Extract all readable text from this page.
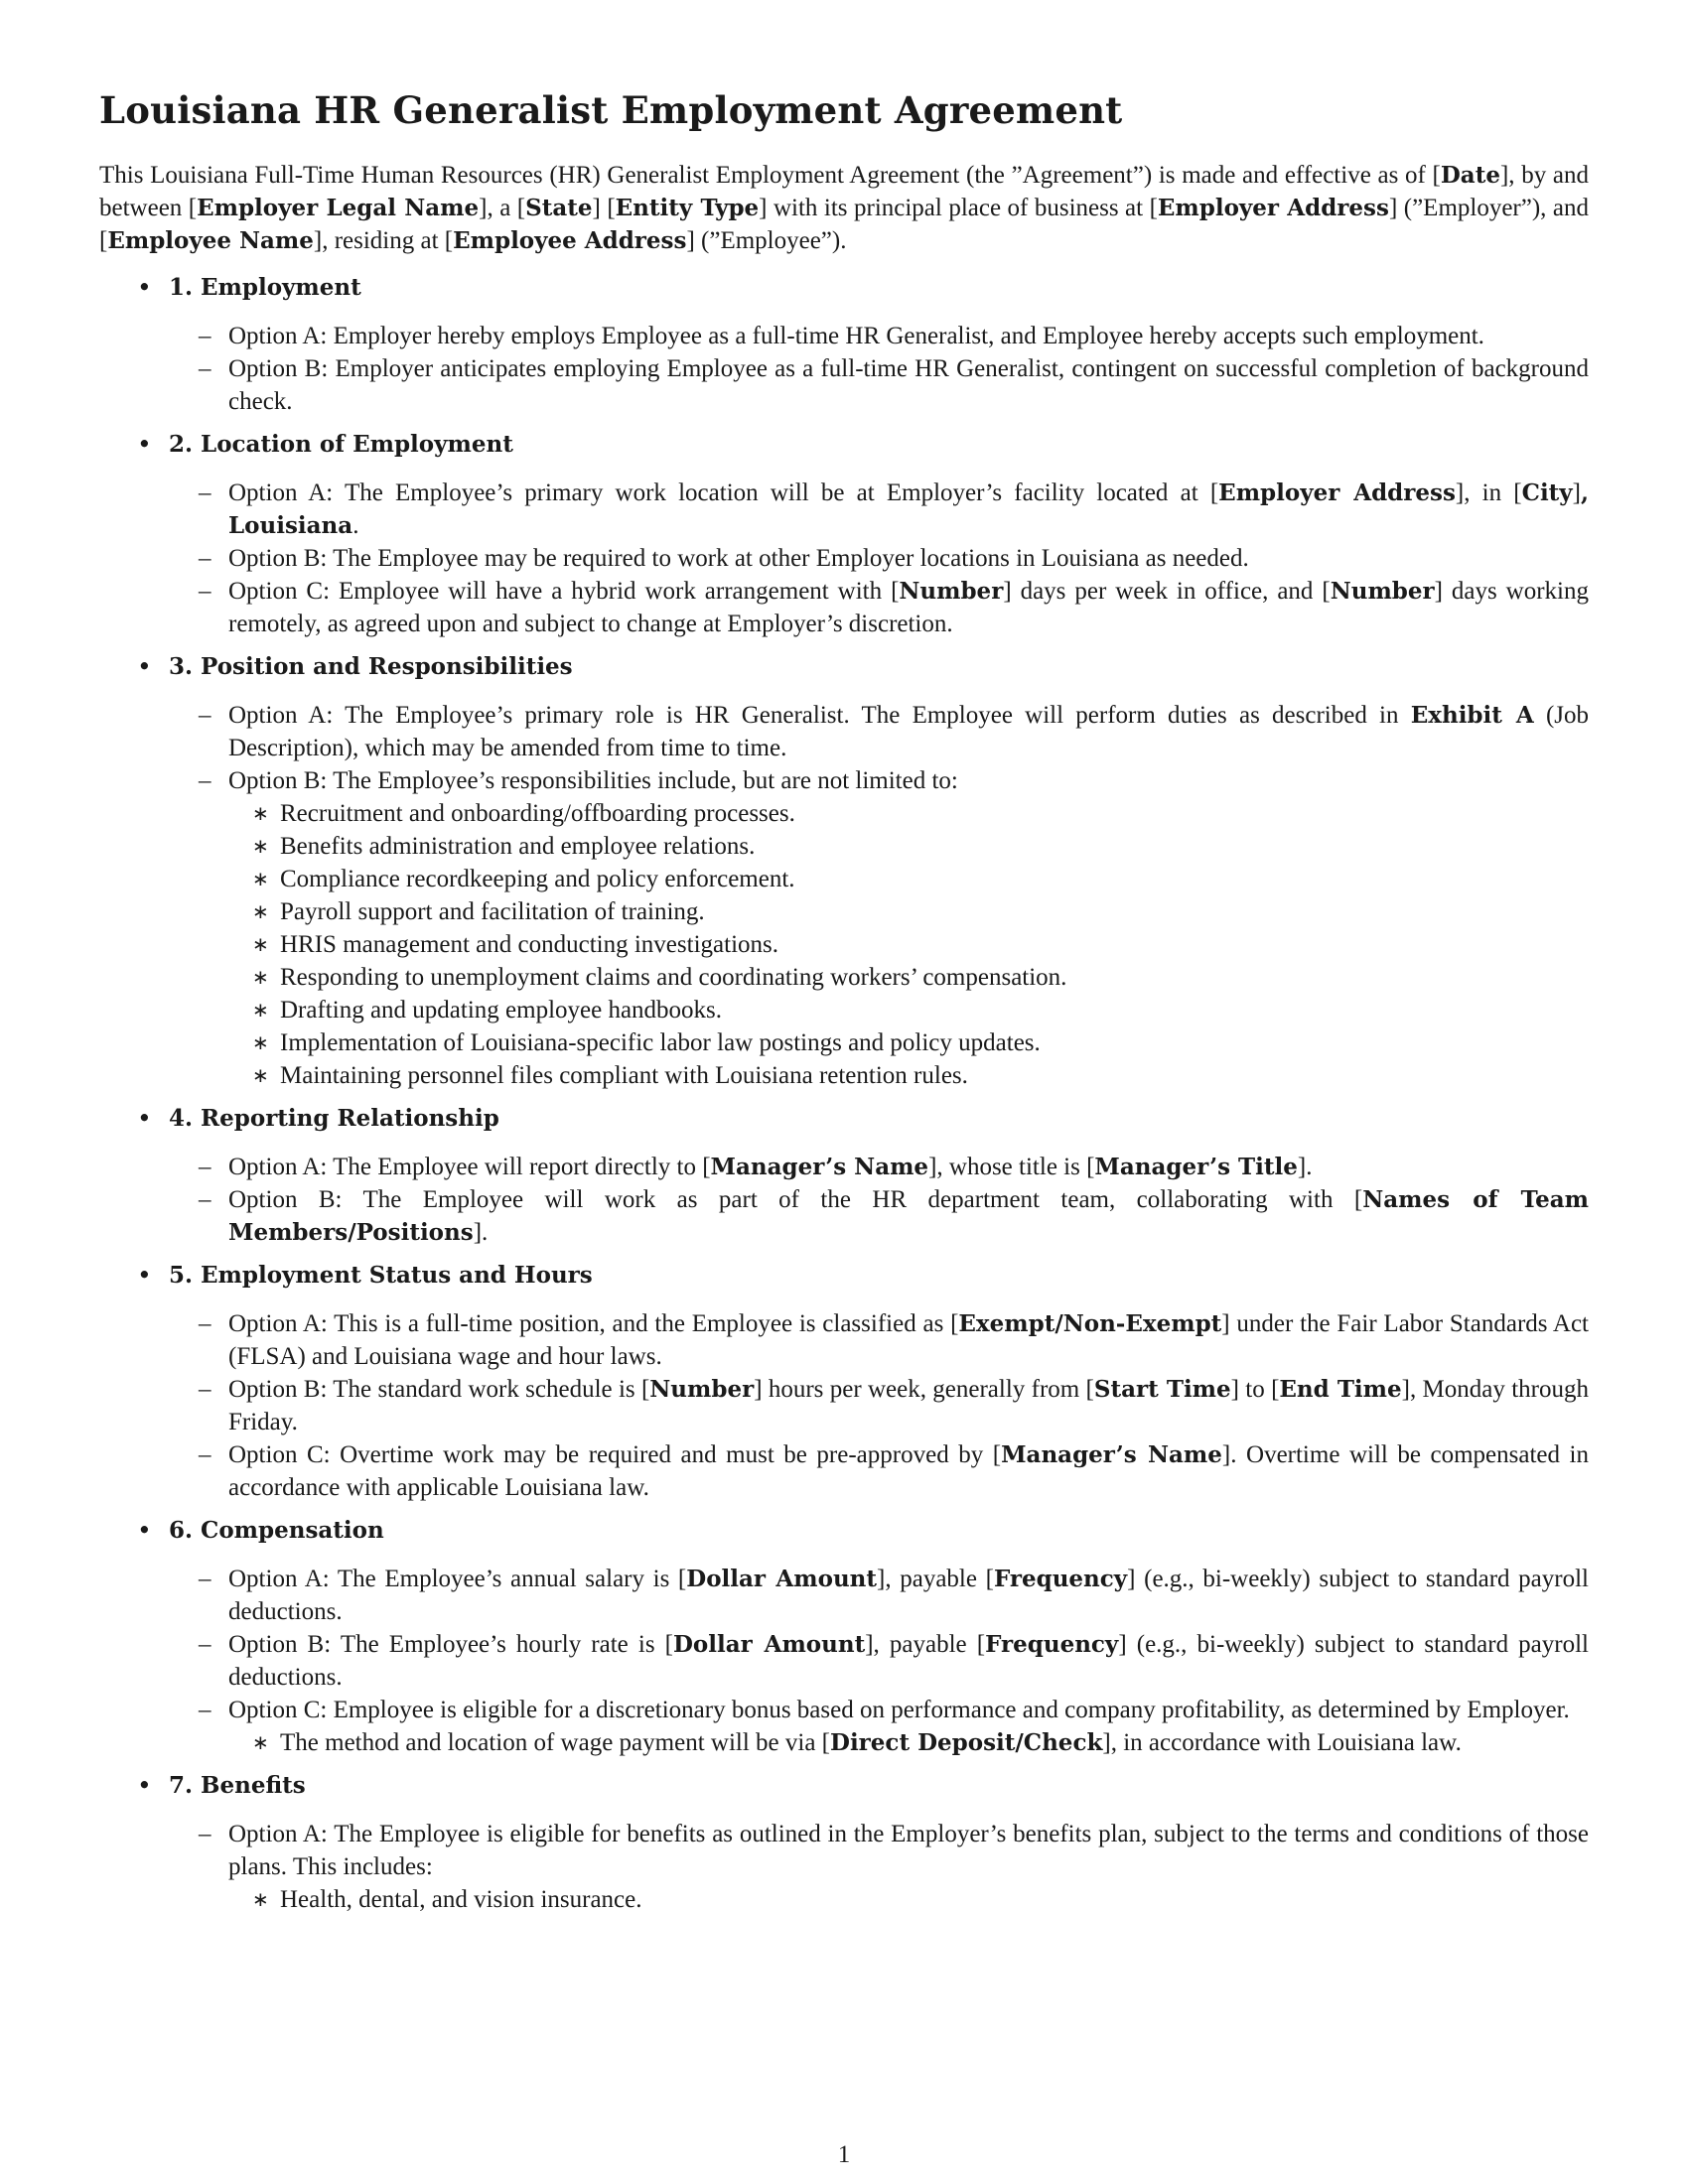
Louisiana HR Generalist Employment Agreement

This Louisiana Full-Time Human Resources (HR) Generalist Employment Agreement (the ”Agreement”) is made and effective as of [Date], by and between [Employer Legal Name], a [State] [Entity Type] with its principal place of business at [Employer Address] (”Employer”), and [Employee Name], residing at [Employee Address] (”Employee”).

• 1. Employment
– Option A: Employer hereby employs Employee as a full-time HR Generalist, and Employee hereby accepts such employment.
– Option B: Employer anticipates employing Employee as a full-time HR Generalist, contingent on successful completion of background check.
• 2. Location of Employment
– Option A: The Employee’s primary work location will be at Employer’s facility located at [Employer Address], in [City], Louisiana.
– Option B: The Employee may be required to work at other Employer locations in Louisiana as needed.
– Option C: Employee will have a hybrid work arrangement with [Number] days per week in office, and [Number] days working remotely, as agreed upon and subject to change at Employer’s discretion.
• 3. Position and Responsibilities
– Option A: The Employee’s primary role is HR Generalist. The Employee will perform duties as described in Exhibit A (Job Description), which may be amended from time to time.
– Option B: The Employee’s responsibilities include, but are not limited to:
∗ Recruitment and onboarding/offboarding processes.
∗ Benefits administration and employee relations.
∗ Compliance recordkeeping and policy enforcement.
∗ Payroll support and facilitation of training.
∗ HRIS management and conducting investigations.
∗ Responding to unemployment claims and coordinating workers’ compensation.
∗ Drafting and updating employee handbooks.
∗ Implementation of Louisiana-specific labor law postings and policy updates.
∗ Maintaining personnel files compliant with Louisiana retention rules.
• 4. Reporting Relationship
– Option A: The Employee will report directly to [Manager’s Name], whose title is [Manager’s Title].
– Option B: The Employee will work as part of the HR department team, collaborating with [Names of Team Members/Positions].
• 5. Employment Status and Hours
– Option A: This is a full-time position, and the Employee is classified as [Exempt/Non-Exempt] under the Fair Labor Standards Act (FLSA) and Louisiana wage and hour laws.
– Option B: The standard work schedule is [Number] hours per week, generally from [Start Time] to [End Time], Monday through Friday.
– Option C: Overtime work may be required and must be pre-approved by [Manager’s Name]. Overtime will be compensated in accordance with applicable Louisiana law.
• 6. Compensation
– Option A: The Employee’s annual salary is [Dollar Amount], payable [Frequency] (e.g., bi-weekly) subject to standard payroll deductions.
– Option B: The Employee’s hourly rate is [Dollar Amount], payable [Frequency] (e.g., bi-weekly) subject to standard payroll deductions.
– Option C: Employee is eligible for a discretionary bonus based on performance and company profitability, as determined by Employer.
∗ The method and location of wage payment will be via [Direct Deposit/Check], in accordance with Louisiana law.
• 7. Benefits
– Option A: The Employee is eligible for benefits as outlined in the Employer’s benefits plan, subject to the terms and conditions of those plans. This includes:
∗ Health, dental, and vision insurance.
1
